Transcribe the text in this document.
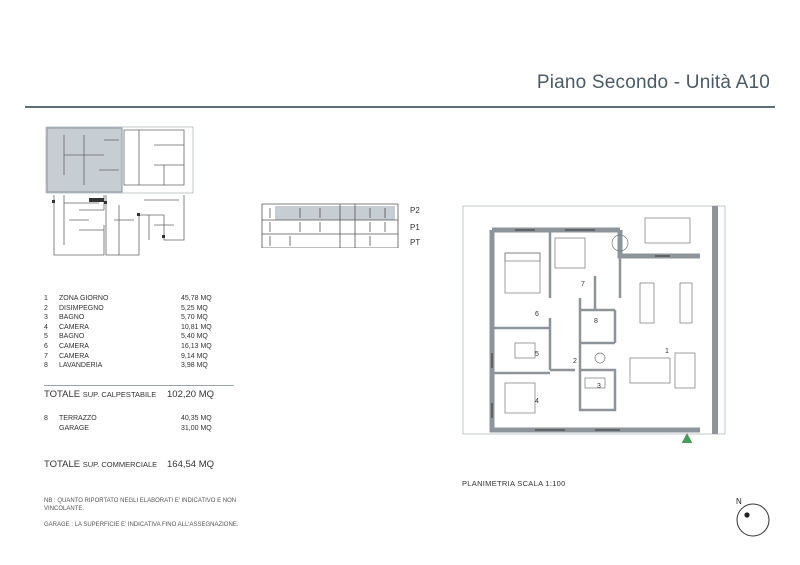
Piano Secondo - Unità A10
P2
P1
PT
1	ZONA GIORNO	45,78 MQ
2	DISIMPEGNO	5,25 MQ
3	BAGNO	5,70 MQ
4	CAMERA	10,81 MQ
5	BAGNO	5,40 MQ
6	CAMERA	16,13 MQ
7	CAMERA	9,14 MQ
8	LAVANDERIA	3,98 MQ
TOTALE SUP. CALPESTABILE 102,20 MQ
8	TERRAZZO	40,35 MQ
	GARAGE	31,00 MQ
TOTALE SUP. COMMERCIALE 164,54 MQ
NB : QUANTO RIPORTATO NEGLI ELABORATI E' INDICATIVO E NON VINCOLANTE.
GARAGE : LA SUPERFICIE E' INDICATIVA FINO ALL'ASSEGNAZIONE.
1
2
3
4
5
6
7
8
PLANIMETRIA SCALA 1:100
N
